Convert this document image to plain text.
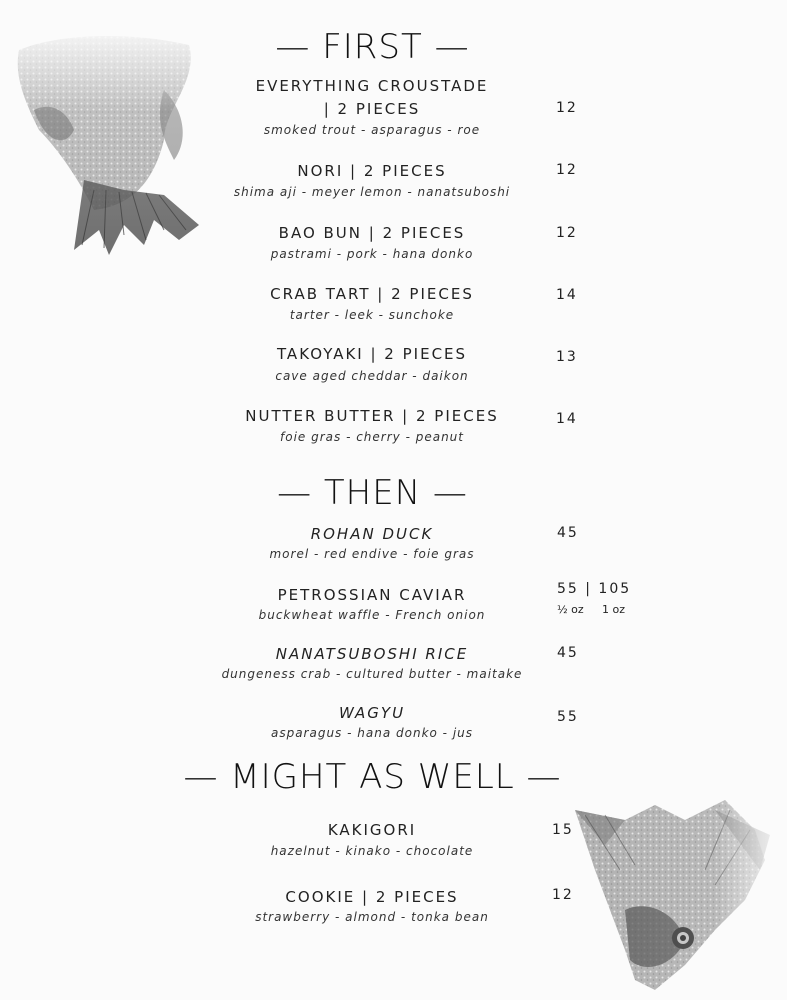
— FIRST —
EVERYTHING CROUSTADE
| 2 PIECES
smoked trout - asparagus - roe
12
NORI | 2 PIECES
shima aji - meyer lemon - nanatsuboshi
12
BAO BUN | 2 PIECES
pastrami - pork - hana donko
12
CRAB TART | 2 PIECES
tarter - leek - sunchoke
14
TAKOYAKI | 2 PIECES
cave aged cheddar - daikon
13
NUTTER BUTTER | 2 PIECES
foie gras - cherry - peanut
14
— THEN —
ROHAN DUCK
morel - red endive - foie gras
45
PETROSSIAN CAVIAR
buckwheat waffle - French onion
55 | 105
½ oz 1 oz
NANATSUBOSHI RICE
dungeness crab - cultured butter - maitake
45
WAGYU
asparagus - hana donko - jus
55
— MIGHT AS WELL —
KAKIGORI
hazelnut - kinako - chocolate
15
COOKIE | 2 PIECES
strawberry - almond - tonka bean
12
